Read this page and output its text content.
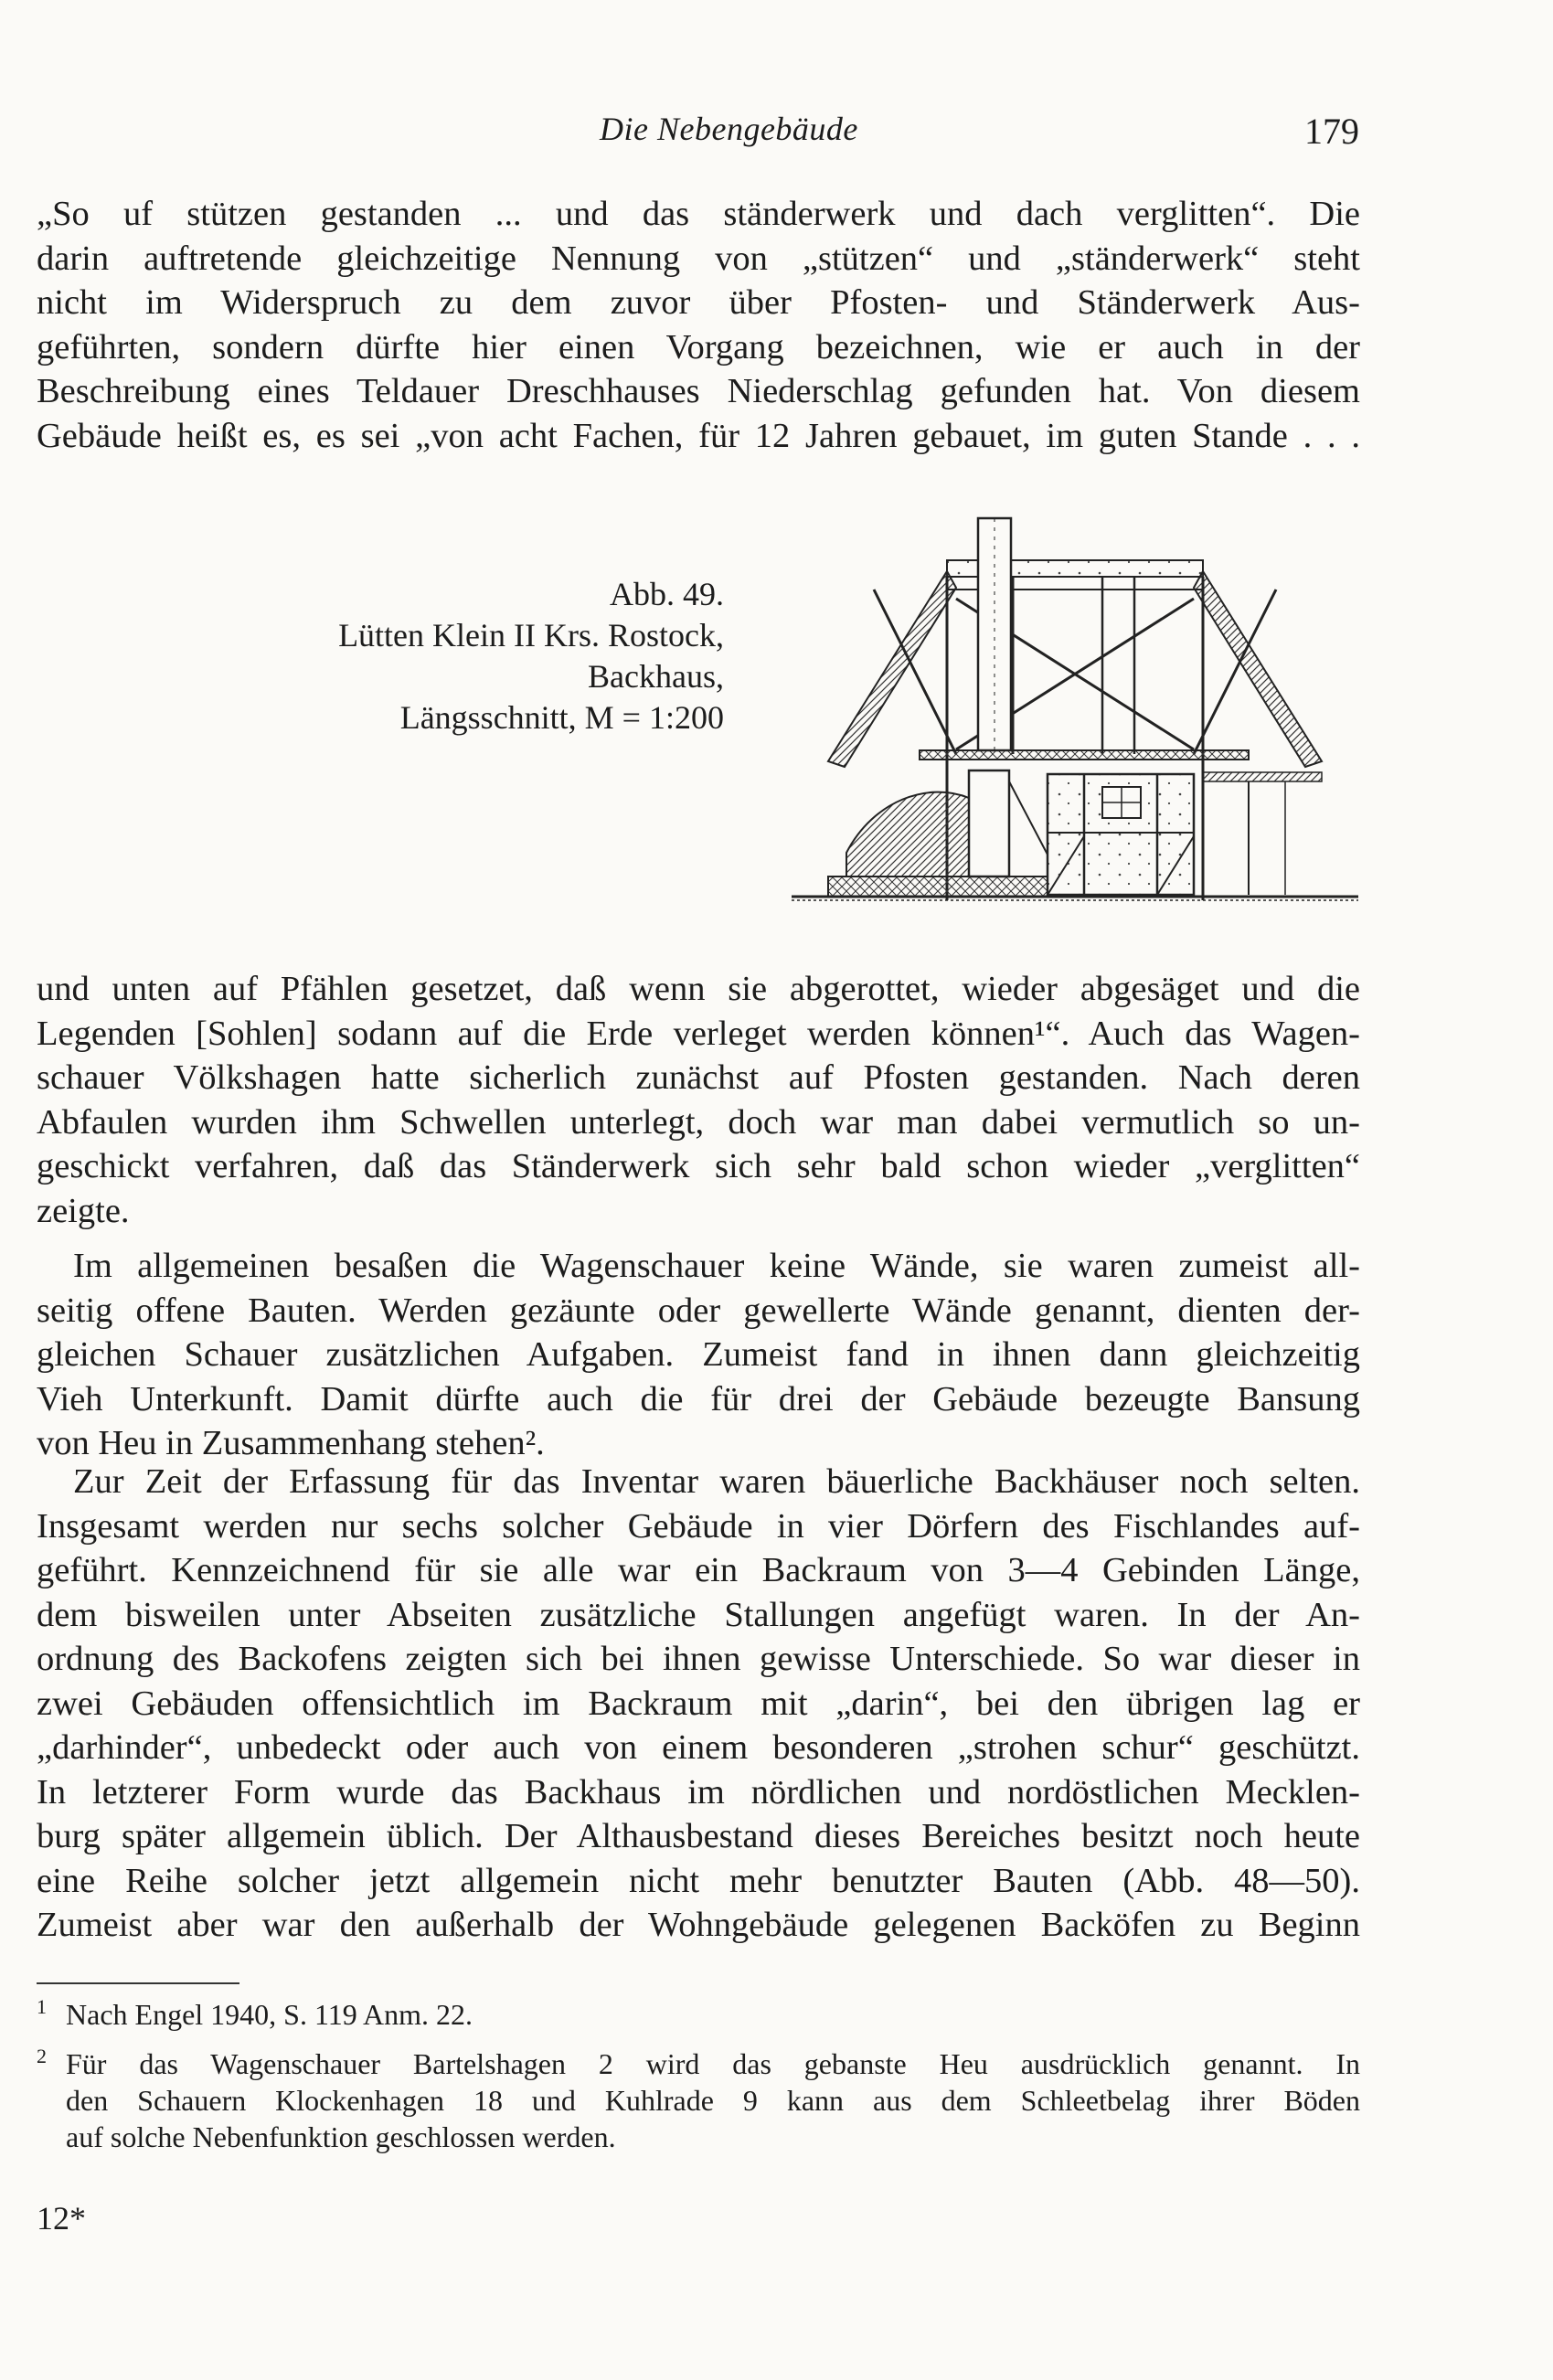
Die Nebengebäude	179

„So uf stützen gestanden ... und das ständerwerk und dach verglitten“. Die
darin auftretende gleichzeitige Nennung von „stützen“ und „ständerwerk“ steht
nicht im Widerspruch zu dem zuvor über Pfosten- und Ständerwerk Aus-
geführten, sondern dürfte hier einen Vorgang bezeichnen, wie er auch in der
Beschreibung eines Teldauer Dreschhauses Niederschlag gefunden hat. Von diesem
Gebäude heißt es, es sei „von acht Fachen, für 12 Jahren gebauet, im guten Stande . . .

Abb. 49.
Lütten Klein II Krs. Rostock,
Backhaus,
Längsschnitt, M = 1:200

und unten auf Pfählen gesetzet, daß wenn sie abgerottet, wieder abgesäget und die
Legenden [Sohlen] sodann auf die Erde verleget werden können¹“. Auch das Wagen-
schauer Völkshagen hatte sicherlich zunächst auf Pfosten gestanden. Nach deren
Abfaulen wurden ihm Schwellen unterlegt, doch war man dabei vermutlich so un-
geschickt verfahren, daß das Ständerwerk sich sehr bald schon wieder „verglitten“
zeigte.

Im allgemeinen besaßen die Wagenschauer keine Wände, sie waren zumeist all-
seitig offene Bauten. Werden gezäunte oder gewellerte Wände genannt, dienten der-
gleichen Schauer zusätzlichen Aufgaben. Zumeist fand in ihnen dann gleichzeitig
Vieh Unterkunft. Damit dürfte auch die für drei der Gebäude bezeugte Bansung
von Heu in Zusammenhang stehen².

Zur Zeit der Erfassung für das Inventar waren bäuerliche Backhäuser noch selten.
Insgesamt werden nur sechs solcher Gebäude in vier Dörfern des Fischlandes auf-
geführt. Kennzeichnend für sie alle war ein Backraum von 3—4 Gebinden Länge,
dem bisweilen unter Abseiten zusätzliche Stallungen angefügt waren. In der An-
ordnung des Backofens zeigten sich bei ihnen gewisse Unterschiede. So war dieser in
zwei Gebäuden offensichtlich im Backraum mit „darin“, bei den übrigen lag er
„darhinder“, unbedeckt oder auch von einem besonderen „strohen schur“ geschützt.
In letzterer Form wurde das Backhaus im nördlichen und nordöstlichen Mecklen-
burg später allgemein üblich. Der Althausbestand dieses Bereiches besitzt noch heute
eine Reihe solcher jetzt allgemein nicht mehr benutzter Bauten (Abb. 48—50).
Zumeist aber war den außerhalb der Wohngebäude gelegenen Backöfen zu Beginn

1 Nach Engel 1940, S. 119 Anm. 22.
2 Für das Wagenschauer Bartelshagen 2 wird das gebanste Heu ausdrücklich genannt. In
den Schauern Klockenhagen 18 und Kuhlrade 9 kann aus dem Schleetbelag ihrer Böden
auf solche Nebenfunktion geschlossen werden.
12*
